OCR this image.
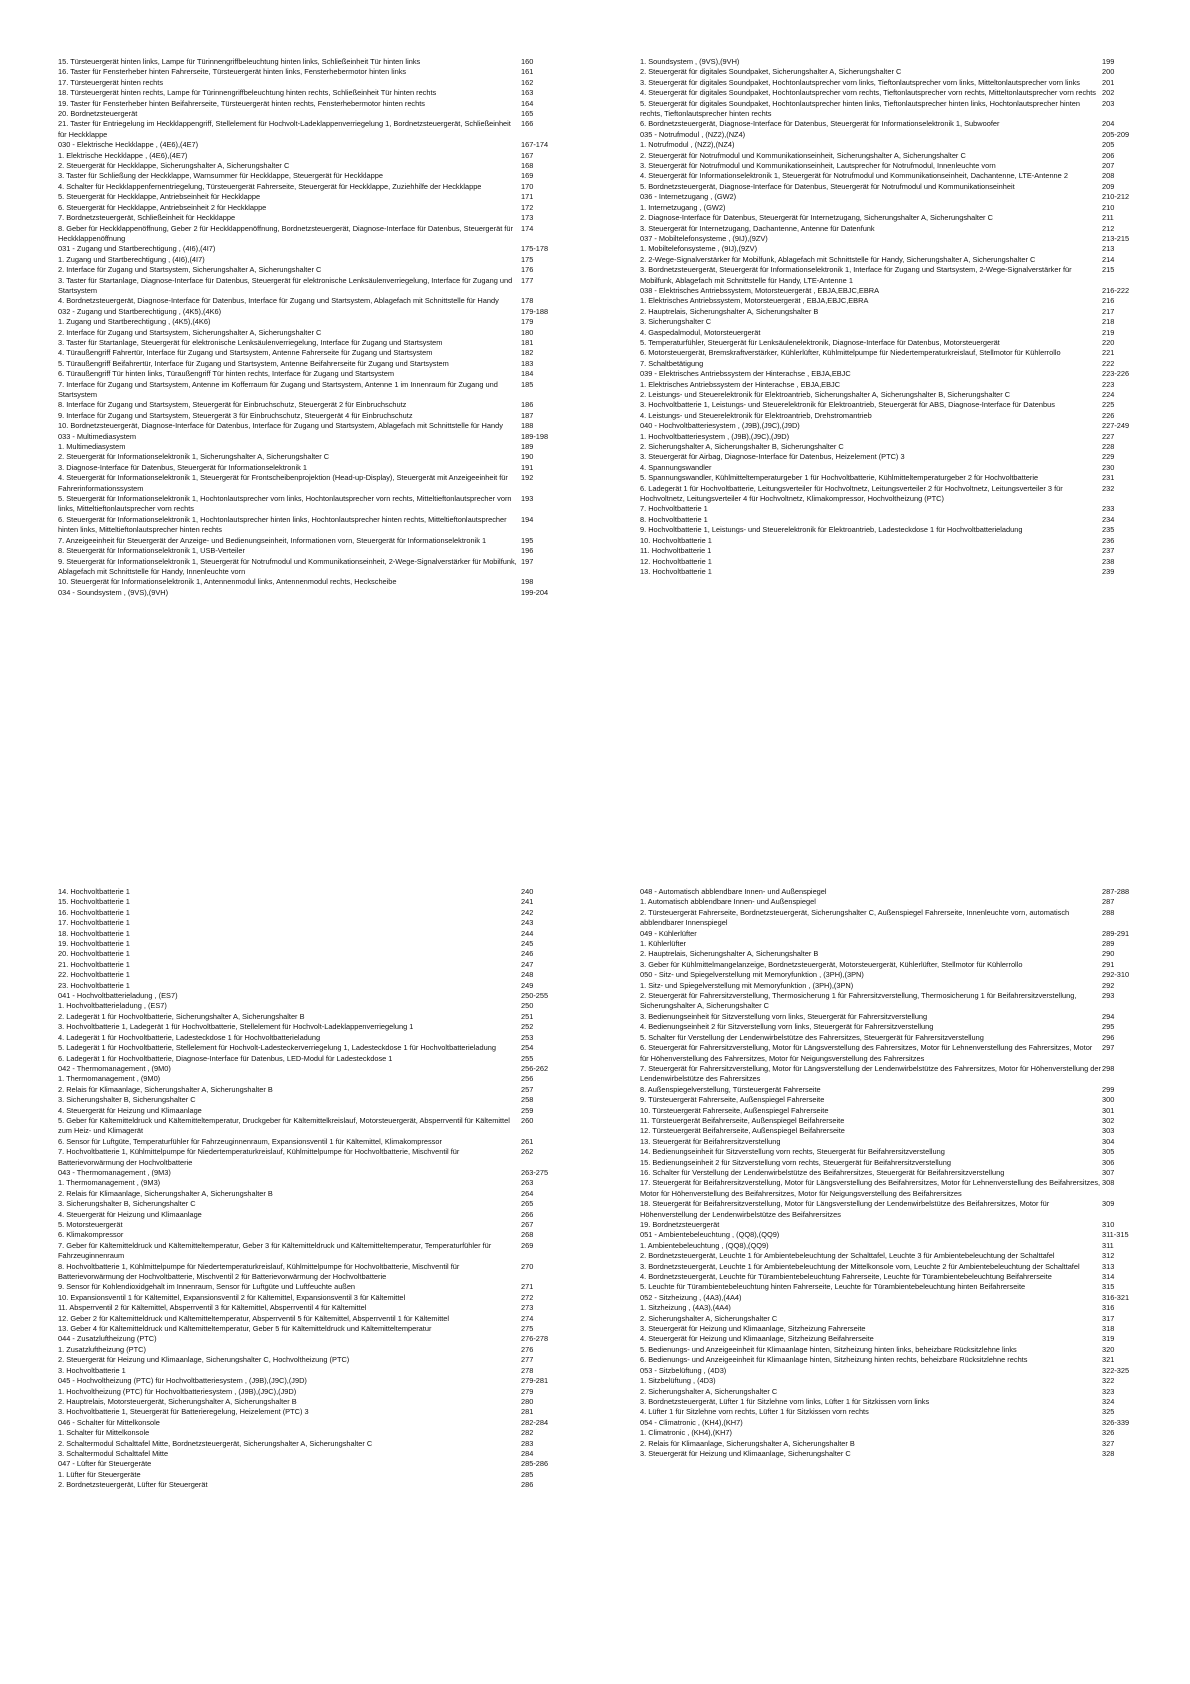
15. Türsteuergerät hinten links, Lampe für Türinnengriffbeleuchtung hinten links, Schließeinheit Tür hinten links	160
16. Taster für Fensterheber hinten Fahrerseite, Türsteuergerät hinten links, Fensterhebermotor hinten links	161
17. Türsteuergerät hinten rechts	162
18. Türsteuergerät hinten rechts, Lampe für Türinnengriffbeleuchtung hinten rechts, Schließeinheit Tür hinten rechts	163
19. Taster für Fensterheber hinten Beifahrerseite, Türsteuergerät hinten rechts, Fensterhebermotor hinten rechts	164
20. Bordnetzsteuergerät	165
21. Taster für Entriegelung im Heckklappengriff, Stellelement für Hochvolt-Ladeklappenverriegelung 1, Bordnetzsteuergerät, Schließeinheit für Heckklappe
166
030 - Elektrische Heckklappe , (4E6),(4E7)	167-174
1. Elektrische Heckklappe , (4E6),(4E7)	167
2. Steuergerät für Heckklappe, Sicherungshalter A, Sicherungshalter C	168
3. Taster für Schließung der Heckklappe, Warnsummer für Heckklappe, Steuergerät für Heckklappe	169
4. Schalter für Heckklappenfernentriegelung, Türsteuergerät Fahrerseite, Steuergerät für Heckklappe, Zuziehhilfe der Heckklappe	170
5. Steuergerät für Heckklappe, Antriebseinheit für Heckklappe	171
6. Steuergerät für Heckklappe, Antriebseinheit 2 für Heckklappe	172
7. Bordnetzsteuergerät, Schließeinheit für Heckklappe	173
8. Geber für Heckklappenöffnung, Geber 2 für Heckklappenöffnung, Bordnetzsteuergerät, Diagnose-Interface für Datenbus, Steuergerät für Heckklappenöffnung
174
031 - Zugang und Startberechtigung , (4I6),(4I7)	175-178
1. Zugang und Startberechtigung , (4I6),(4I7)	175
2. Interface für Zugang und Startsystem, Sicherungshalter A, Sicherungshalter C	176
3. Taster für Startanlage, Diagnose-Interface für Datenbus, Steuergerät für elektronische Lenksäulenverriegelung, Interface für Zugang und Startsystem
177
4. Bordnetzsteuergerät, Diagnose-Interface für Datenbus, Interface für Zugang und Startsystem, Ablagefach mit Schnittstelle für Handy	178
032 - Zugang und Startberechtigung , (4K5),(4K6)	179-188
1. Zugang und Startberechtigung , (4K5),(4K6)	179
2. Interface für Zugang und Startsystem, Sicherungshalter A, Sicherungshalter C	180
3. Taster für Startanlage, Steuergerät für elektronische Lenksäulenverriegelung, Interface für Zugang und Startsystem	181
4. Türaußengriff Fahrertür, Interface für Zugang und Startsystem, Antenne Fahrerseite für Zugang und Startsystem	182
5. Türaußengriff Beifahrertür, Interface für Zugang und Startsystem, Antenne Beifahrerseite für Zugang und Startsystem	183
6. Türaußengriff Tür hinten links, Türaußengriff Tür hinten rechts, Interface für Zugang und Startsystem	184
7. Interface für Zugang und Startsystem, Antenne im Kofferraum für Zugang und Startsystem, Antenne 1 im Innenraum für Zugang und Startsystem
185
8. Interface für Zugang und Startsystem, Steuergerät für Einbruchschutz, Steuergerät 2 für Einbruchschutz	186
9. Interface für Zugang und Startsystem, Steuergerät 3 für Einbruchschutz, Steuergerät 4 für Einbruchschutz	187
10. Bordnetzsteuergerät, Diagnose-Interface für Datenbus, Interface für Zugang und Startsystem, Ablagefach mit Schnittstelle für Handy	188
033 - Multimediasystem	189-198
1. Multimediasystem	189
2. Steuergerät für Informationselektronik 1, Sicherungshalter A, Sicherungshalter C	190
3. Diagnose-Interface für Datenbus, Steuergerät für Informationselektronik 1	191
4. Steuergerät für Informationselektronik 1, Steuergerät für Frontscheibenprojektion (Head-up-Display), Steuergerät mit Anzeigeeinheit für Fahrerinformationssystem
192
5. Steuergerät für Informationselektronik 1, Hochtonlautsprecher vorn links, Hochtonlautsprecher vorn rechts, Mitteltieftonlautsprecher vorn links, Mitteltieftonlautsprecher vorn rechts
193
6. Steuergerät für Informationselektronik 1, Hochtonlautsprecher hinten links, Hochtonlautsprecher hinten rechts, Mitteltieftonlautsprecher hinten links, Mitteltieftonlautsprecher hinten rechts
194
7. Anzeigeeinheit für Steuergerät der Anzeige- und Bedienungseinheit, Informationen vorn, Steuergerät für Informationselektronik 1	195
8. Steuergerät für Informationselektronik 1, USB-Verteiler	196
9. Steuergerät für Informationselektronik 1, Steuergerät für Notrufmodul und Kommunikationseinheit, 2-Wege-Signalverstärker für Mobilfunk, Ablagefach mit Schnittstelle für Handy, Innenleuchte vorn
197
10. Steuergerät für Informationselektronik 1, Antennenmodul links, Antennenmodul rechts, Heckscheibe	198
034 - Soundsystem , (9VS),(9VH)	199-204
1. Soundsystem , (9VS),(9VH)	199
2. Steuergerät für digitales Soundpaket, Sicherungshalter A, Sicherungshalter C	200
3. Steuergerät für digitales Soundpaket, Hochtonlautsprecher vorn links, Tieftonlautsprecher vorn links, Mitteltonlautsprecher vorn links	201
4. Steuergerät für digitales Soundpaket, Hochtonlautsprecher vorn rechts, Tieftonlautsprecher vorn rechts, Mitteltonlautsprecher vorn rechts 202
5. Steuergerät für digitales Soundpaket, Hochtonlautsprecher hinten links, Tieftonlautsprecher hinten links, Hochtonlautsprecher hinten rechts, Tieftonlautsprecher hinten rechts
203
6. Bordnetzsteuergerät, Diagnose-Interface für Datenbus, Steuergerät für Informationselektronik 1, Subwoofer	204
035 - Notrufmodul , (NZ2),(NZ4)	205-209
1. Notrufmodul , (NZ2),(NZ4)	205
2. Steuergerät für Notrufmodul und Kommunikationseinheit, Sicherungshalter A, Sicherungshalter C	206
3. Steuergerät für Notrufmodul und Kommunikationseinheit, Lautsprecher für Notrufmodul, Innenleuchte vorn	207
4. Steuergerät für Informationselektronik 1, Steuergerät für Notrufmodul und Kommunikationseinheit, Dachantenne, LTE-Antenne 2	208
5. Bordnetzsteuergerät, Diagnose-Interface für Datenbus, Steuergerät für Notrufmodul und Kommunikationseinheit	209
036 - Internetzugang , (GW2)	210-212
1. Internetzugang , (GW2)	210
2. Diagnose-Interface für Datenbus, Steuergerät für Internetzugang, Sicherungshalter A, Sicherungshalter C	211
3. Steuergerät für Internetzugang, Dachantenne, Antenne für Datenfunk	212
037 - Mobiltelefonsysteme , (9IJ),(9ZV)	213-215
1. Mobiltelefonsysteme , (9IJ),(9ZV)	213
2. 2-Wege-Signalverstärker für Mobilfunk, Ablagefach mit Schnittstelle für Handy, Sicherungshalter A, Sicherungshalter C	214
3. Bordnetzsteuergerät, Steuergerät für Informationselektronik 1, Interface für Zugang und Startsystem, 2-Wege-Signalverstärker für Mobilfunk, Ablagefach mit Schnittstelle für Handy, LTE-Antenne 1
215
038 - Elektrisches Antriebssystem, Motorsteuergerät , EBJA,EBJC,EBRA	216-222
1. Elektrisches Antriebssystem, Motorsteuergerät , EBJA,EBJC,EBRA	216
2. Hauptrelais, Sicherungshalter A, Sicherungshalter B	217
3. Sicherungshalter C	218
4. Gaspedalmodul, Motorsteuergerät	219
5. Temperaturfühler, Steuergerät für Lenksäulenelektronik, Diagnose-Interface für Datenbus, Motorsteuergerät	220
6. Motorsteuergerät, Bremskraftverstärker, Kühlerlüfter, Kühlmittelpumpe für Niedertemperaturkreislauf, Stellmotor für Kühlerrollo	221
7. Schaltbetätigung	222
039 - Elektrisches Antriebssystem der Hinterachse , EBJA,EBJC	223-226
1. Elektrisches Antriebssystem der Hinterachse , EBJA,EBJC	223
2. Leistungs- und Steuerelektronik für Elektroantrieb, Sicherungshalter A, Sicherungshalter B, Sicherungshalter C	224
3. Hochvoltbatterie 1, Leistungs- und Steuerelektronik für Elektroantrieb, Steuergerät für ABS, Diagnose-Interface für Datenbus	225
4. Leistungs- und Steuerelektronik für Elektroantrieb, Drehstromantrieb	226
040 - Hochvoltbatteriesystem , (J9B),(J9C),(J9D)	227-249
1. Hochvoltbatteriesystem , (J9B),(J9C),(J9D)	227
2. Sicherungshalter A, Sicherungshalter B, Sicherungshalter C	228
3. Steuergerät für Airbag, Diagnose-Interface für Datenbus, Heizelement (PTC) 3	229
4. Spannungswandler	230
5. Spannungswandler, Kühlmitteltemperaturgeber 1 für Hochvoltbatterie, Kühlmitteltemperaturgeber 2 für Hochvoltbatterie	231
6. Ladegerät 1 für Hochvoltbatterie, Leitungsverteiler für Hochvoltnetz, Leitungsverteiler 2 für Hochvoltnetz, Leitungsverteiler 3 für Hochvoltnetz, Leitungsverteiler 4 für Hochvoltnetz, Klimakompressor, Hochvoltheizung (PTC)
232
7. Hochvoltbatterie 1	233
8. Hochvoltbatterie 1	234
9. Hochvoltbatterie 1, Leistungs- und Steuerelektronik für Elektroantrieb, Ladesteckdose 1 für Hochvoltbatterieladung	235
10. Hochvoltbatterie 1	236
11. Hochvoltbatterie 1	237
12. Hochvoltbatterie 1	238
13. Hochvoltbatterie 1	239
14. Hochvoltbatterie 1	240
15. Hochvoltbatterie 1	241
16. Hochvoltbatterie 1	242
17. Hochvoltbatterie 1	243
18. Hochvoltbatterie 1	244
19. Hochvoltbatterie 1	245
20. Hochvoltbatterie 1	246
21. Hochvoltbatterie 1	247
22. Hochvoltbatterie 1	248
23. Hochvoltbatterie 1	249
041 - Hochvoltbatterieladung , (ES7)	250-255
1. Hochvoltbatterieladung , (ES7)	250
2. Ladegerät 1 für Hochvoltbatterie, Sicherungshalter A, Sicherungshalter B	251
3. Hochvoltbatterie 1, Ladegerät 1 für Hochvoltbatterie, Stellelement für Hochvolt-Ladeklappenverriegelung 1	252
4. Ladegerät 1 für Hochvoltbatterie, Ladesteckdose 1 für Hochvoltbatterieladung	253
5. Ladegerät 1 für Hochvoltbatterie, Stellelement für Hochvolt-Ladesteckerverriegelung 1, Ladesteckdose 1 für Hochvoltbatterieladung	254
6. Ladegerät 1 für Hochvoltbatterie, Diagnose-Interface für Datenbus, LED-Modul für Ladesteckdose 1	255
042 - Thermomanagement , (9M0)	256-262
1. Thermomanagement , (9M0)	256
2. Relais für Klimaanlage, Sicherungshalter A, Sicherungshalter B	257
3. Sicherungshalter B, Sicherungshalter C	258
4. Steuergerät für Heizung und Klimaanlage	259
5. Geber für Kältemitteldruck und Kältemitteltemperatur, Druckgeber für Kältemittelkreislauf, Motorsteuergerät, Absperrventil für Kältemittel zum Heiz- und Klimagerät
260
6. Sensor für Luftgüte, Temperaturfühler für Fahrzeuginnenraum, Expansionsventil 1 für Kältemittel, Klimakompressor	261
7. Hochvoltbatterie 1, Kühlmittelpumpe für Niedertemperaturkreislauf, Kühlmittelpumpe für Hochvoltbatterie, Mischventil für Batterievorwärmung der Hochvoltbatterie
262
043 - Thermomanagement , (9M3)	263-275
1. Thermomanagement , (9M3)	263
2. Relais für Klimaanlage, Sicherungshalter A, Sicherungshalter B	264
3. Sicherungshalter B, Sicherungshalter C	265
4. Steuergerät für Heizung und Klimaanlage	266
5. Motorsteuergerät	267
6. Klimakompressor	268
7. Geber für Kältemitteldruck und Kältemitteltemperatur, Geber 3 für Kältemitteldruck und Kältemitteltemperatur, Temperaturfühler für Fahrzeuginnenraum
269
8. Hochvoltbatterie 1, Kühlmittelpumpe für Niedertemperaturkreislauf, Kühlmittelpumpe für Hochvoltbatterie, Mischventil für Batterievorwärmung der Hochvoltbatterie, Mischventil 2 für Batterievorwärmung der Hochvoltbatterie
270
9. Sensor für Kohlendioxidgehalt im Innenraum, Sensor für Luftgüte und Luftfeuchte außen	271
10. Expansionsventil 1 für Kältemittel, Expansionsventil 2 für Kältemittel, Expansionsventil 3 für Kältemittel	272
11. Absperrventil 2 für Kältemittel, Absperrventil 3 für Kältemittel, Absperrventil 4 für Kältemittel	273
12. Geber 2 für Kältemitteldruck und Kältemitteltemperatur, Absperrventil 5 für Kältemittel, Absperrventil 1 für Kältemittel	274
13. Geber 4 für Kältemitteldruck und Kältemitteltemperatur, Geber 5 für Kältemitteldruck und Kältemitteltemperatur	275
044 - Zusatzluftheizung (PTC)	276-278
1. Zusatzluftheizung (PTC)	276
2. Steuergerät für Heizung und Klimaanlage, Sicherungshalter C, Hochvoltheizung (PTC)	277
3. Hochvoltbatterie 1	278
045 - Hochvoltheizung (PTC) für Hochvoltbatteriesystem , (J9B),(J9C),(J9D)	279-281
1. Hochvoltheizung (PTC) für Hochvoltbatteriesystem , (J9B),(J9C),(J9D)	279
2. Hauptrelais, Motorsteuergerät, Sicherungshalter A, Sicherungshalter B	280
3. Hochvoltbatterie 1, Steuergerät für Batterieregelung, Heizelement (PTC) 3	281
046 - Schalter für Mittelkonsole	282-284
1. Schalter für Mittelkonsole	282
2. Schaltermodul Schalttafel Mitte, Bordnetzsteuergerät, Sicherungshalter A, Sicherungshalter C	283
3. Schaltermodul Schalttafel Mitte	284
047 - Lüfter für Steuergeräte	285-286
1. Lüfter für Steuergeräte	285
2. Bordnetzsteuergerät, Lüfter für Steuergerät	286
048 - Automatisch abblendbare Innen- und Außenspiegel	287-288
1. Automatisch abblendbare Innen- und Außenspiegel	287
2. Türsteuergerät Fahrerseite, Bordnetzsteuergerät, Sicherungshalter C, Außenspiegel Fahrerseite, Innenleuchte vorn, automatisch abblendbarer Innenspiegel
288
049 - Kühlerlüfter	289-291
1. Kühlerlüfter	289
2. Hauptrelais, Sicherungshalter A, Sicherungshalter B	290
3. Geber für Kühlmittelmangelanzeige, Bordnetzsteuergerät, Motorsteuergerät, Kühlerlüfter, Stellmotor für Kühlerrollo	291
050 - Sitz- und Spiegelverstellung mit Memoryfunktion , (3PH),(3PN)	292-310
1. Sitz- und Spiegelverstellung mit Memoryfunktion , (3PH),(3PN)	292
2. Steuergerät für Fahrersitzverstellung, Thermosicherung 1 für Fahrersitzverstellung, Thermosicherung 1 für Beifahrersitzverstellung, Sicherungshalter A, Sicherungshalter C
293
3. Bedienungseinheit für Sitzverstellung vorn links, Steuergerät für Fahrersitzverstellung	294
4. Bedienungseinheit 2 für Sitzverstellung vorn links, Steuergerät für Fahrersitzverstellung	295
5. Schalter für Verstellung der Lendenwirbelstütze des Fahrersitzes, Steuergerät für Fahrersitzverstellung	296
6. Steuergerät für Fahrersitzverstellung, Motor für Längsverstellung des Fahrersitzes, Motor für Lehnenverstellung des Fahrersitzes, Motor für Höhenverstellung des Fahrersitzes, Motor für Neigungsverstellung des Fahrersitzes
297
7. Steuergerät für Fahrersitzverstellung, Motor für Längsverstellung der Lendenwirbelstütze des Fahrersitzes, Motor für Höhenverstellung der Lendenwirbelstütze des Fahrersitzes
298
8. Außenspiegelverstellung, Türsteuergerät Fahrerseite	299
9. Türsteuergerät Fahrerseite, Außenspiegel Fahrerseite	300
10. Türsteuergerät Fahrerseite, Außenspiegel Fahrerseite	301
11. Türsteuergerät Beifahrerseite, Außenspiegel Beifahrerseite	302
12. Türsteuergerät Beifahrerseite, Außenspiegel Beifahrerseite	303
13. Steuergerät für Beifahrersitzverstellung	304
14. Bedienungseinheit für Sitzverstellung vorn rechts, Steuergerät für Beifahrersitzverstellung	305
15. Bedienungseinheit 2 für Sitzverstellung vorn rechts, Steuergerät für Beifahrersitzverstellung	306
16. Schalter für Verstellung der Lendenwirbelstütze des Beifahrersitzes, Steuergerät für Beifahrersitzverstellung	307
17. Steuergerät für Beifahrersitzverstellung, Motor für Längsverstellung des Beifahrersitzes, Motor für Lehnenverstellung des Beifahrersitzes, Motor für Höhenverstellung des Beifahrersitzes, Motor für Neigungsverstellung des Beifahrersitzes
308
18. Steuergerät für Beifahrersitzverstellung, Motor für Längsverstellung der Lendenwirbelstütze des Beifahrersitzes, Motor für Höhenverstellung der Lendenwirbelstütze des Beifahrersitzes
309
19. Bordnetzsteuergerät	310
051 - Ambientebeleuchtung , (QQ8),(QQ9)	311-315
1. Ambientebeleuchtung , (QQ8),(QQ9)	311
2. Bordnetzsteuergerät, Leuchte 1 für Ambientebeleuchtung der Schalttafel, Leuchte 3 für Ambientebeleuchtung der Schalttafel	312
3. Bordnetzsteuergerät, Leuchte 1 für Ambientebeleuchtung der Mittelkonsole vorn, Leuchte 2 für Ambientebeleuchtung der Schalttafel	313
4. Bordnetzsteuergerät, Leuchte für Türambientebeleuchtung Fahrerseite, Leuchte für Türambientebeleuchtung Beifahrerseite	314
5. Leuchte für Türambientebeleuchtung hinten Fahrerseite, Leuchte für Türambientebeleuchtung hinten Beifahrerseite	315
052 - Sitzheizung , (4A3),(4A4)	316-321
1. Sitzheizung , (4A3),(4A4)	316
2. Sicherungshalter A, Sicherungshalter C	317
3. Steuergerät für Heizung und Klimaanlage, Sitzheizung Fahrerseite	318
4. Steuergerät für Heizung und Klimaanlage, Sitzheizung Beifahrerseite	319
5. Bedienungs- und Anzeigeeinheit für Klimaanlage hinten, Sitzheizung hinten links, beheizbare Rücksitzlehne links	320
6. Bedienungs- und Anzeigeeinheit für Klimaanlage hinten, Sitzheizung hinten rechts, beheizbare Rücksitzlehne rechts	321
053 - Sitzbelüftung , (4D3)	322-325
1. Sitzbelüftung , (4D3)	322
2. Sicherungshalter A, Sicherungshalter C	323
3. Bordnetzsteuergerät, Lüfter 1 für Sitzlehne vorn links, Lüfter 1 für Sitzkissen vorn links	324
4. Lüfter 1 für Sitzlehne vorn rechts, Lüfter 1 für Sitzkissen vorn rechts	325
054 - Climatronic , (KH4),(KH7)	326-339
1. Climatronic , (KH4),(KH7)	326
2. Relais für Klimaanlage, Sicherungshalter A, Sicherungshalter B	327
3. Steuergerät für Heizung und Klimaanlage, Sicherungshalter C	328
